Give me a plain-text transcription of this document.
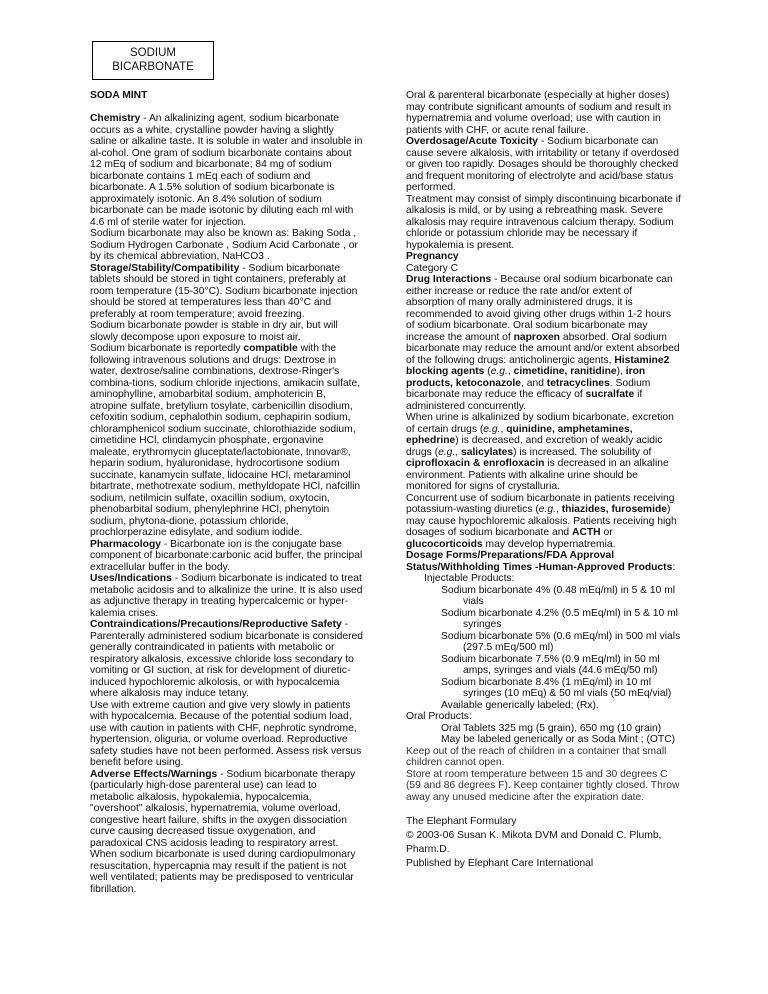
SODIUM
BICARBONATE

SODA MINT

Chemistry - An alkalinizing agent, sodium bicarbonate occurs as a white, crystalline powder having a slightly saline or alkaline taste. It is soluble in water and insoluble in al-cohol. One gram of sodium bicarbonate contains about 12 mEq of sodium and bicarbonate; 84 mg of sodium bicarbonate contains 1 mEq each of sodium and bicarbonate. A 1.5% solution of sodium bicarbonate is approximately isotonic. An 8.4% solution of sodium bicarbonate can be made isotonic by diluting each ml with 4.6 ml of sterile water for injection.

Sodium bicarbonate may also be known as: Baking Soda , Sodium Hydrogen Carbonate , Sodium Acid Carbonate , or by its chemical abbreviation, NaHCO3 .

Storage/Stability/Compatibility - Sodium bicarbonate tablets should be stored in tight containers, preferably at room temperature (15-30°C). Sodium bicarbonate injection should be stored at temperatures less than 40°C and preferably at room temperature; avoid freezing.

Sodium bicarbonate powder is stable in dry air, but will slowly decompose upon exposure to moist air.

Sodium bicarbonate is reportedly compatible with the following intravenous solutions and drugs: Dextrose in water, dextrose/saline combinations, dextrose-Ringer's combina-tions, sodium chloride injections, amikacin sulfate, aminophylline, amobarbital sodium, amphotericin B, atropine sulfate, bretylium tosylate, carbenicillin disodium, cefoxitin sodium, cephalothin sodium, cephapirin sodium, chloramphenicol sodium succinate, chlorothiazide sodium, cimetidine HCl, clindamycin phosphate, ergonavine maleate, erythromycin gluceptate/lactobionate, Innovar®, heparin sodium, hyaluronidase, hydrocortisone sodium succinate, kanamycin sulfate, lidocaine HCl, metaraminol bitartrate, methotrexate sodium, methyldopate HCl, nafcillin sodium, netilmicin sulfate, oxacillin sodium, oxytocin, phenobarbital sodium, phenylephrine HCl, phenytoin sodium, phytona-dione, potassium chloride, prochlorperazine edisylate, and sodium iodide.

Pharmacology - Bicarbonate ion is the conjugate base component of bicarbonate:carbonic acid buffer, the principal extracellular buffer in the body.

Uses/Indications - Sodium bicarbonate is indicated to treat metabolic acidosis and to alkalinize the urine. It is also used as adjunctive therapy in treating hypercalcemic or hyper-kalemia crises.

Contraindications/Precautions/Reproductive Safety - Parenterally administered sodium bicarbonate is considered generally contraindicated in patients with metabolic or respiratory alkalosis, excessive chloride loss secondary to vomiting or GI suction, at risk for development of diuretic-induced hypochloremic alkolosis, or with hypocalcemia where alkalosis may induce tetany.

Use with extreme caution and give very slowly in patients with hypocalcemia. Because of the potential sodium load, use with caution in patients with CHF, nephrotic syndrome, hypertension, oliguria, or volume overload. Reproductive safety studies have not been performed. Assess risk versus benefit before using.

Adverse Effects/Warnings - Sodium bicarbonate therapy (particularly high-dose parenteral use) can lead to metabolic alkalosis, hypokalemia, hypocalcemia, "overshoot" alkalosis, hypernatremia, volume overload, congestive heart failure, shifts in the oxygen dissociation curve causing decreased tissue oxygenation, and paradoxical CNS acidosis leading to respiratory arrest.

When sodium bicarbonate is used during cardiopulmonary resuscitation, hypercapnia may result if the patient is not well ventilated; patients may be predisposed to ventricular fibrillation.

Oral & parenteral bicarbonate (especially at higher doses) may contribute significant amounts of sodium and result in hypernatremia and volume overload; use with caution in patients with CHF, or acute renal failure.

Overdosage/Acute Toxicity - Sodium bicarbonate can cause severe alkalosis, with irritability or tetany if overdosed or given too rapidly. Dosages should be thoroughly checked and frequent monitoring of electrolyte and acid/base status performed.

Treatment may consist of simply discontinuing bicarbonate if alkalosis is mild, or by using a rebreathing mask. Severe alkalosis may require intravenous calcium therapy. Sodium chloride or potassium chloride may be necessary if hypokalemia is present.

Pregnancy

Category C

Drug Interactions - Because oral sodium bicarbonate can either increase or reduce the rate and/or extent of absorption of many orally administered drugs, it is recommended to avoid giving other drugs within 1-2 hours of sodium bicarbonate. Oral sodium bicarbonate may increase the amount of naproxen absorbed. Oral sodium bicarbonate may reduce the amount and/or extent absorbed of the following drugs: anticholinergic agents, Histamine2 blocking agents (e.g., cimetidine, ranitidine), iron products, ketoconazole, and tetracyclines. Sodium bicarbonate may reduce the efficacy of sucralfate if administered concurrently.

When urine is alkalinized by sodium bicarbonate, excretion of certain drugs (e.g., quinidine, amphetamines, ephedrine) is decreased, and excretion of weakly acidic drugs (e.g., salicylates) is increased. The solubility of ciprofloxacin & enrofloxacin is decreased in an alkaline environment. Patients with alkaline urine should be monitored for signs of crystalluria.

Concurrent use of sodium bicarbonate in patients receiving potassium-wasting diuretics (e.g., thiazides, furosemide) may cause hypochloremic alkalosis. Patients receiving high dosages of sodium bicarbonate and ACTH or glucocorticoids may develop hypernatremia.

Dosage Forms/Preparations/FDA Approval Status/Withholding Times -Human-Approved Products:

Injectable Products:

Sodium bicarbonate 4% (0.48 mEq/ml) in 5 & 10 ml

vials

Sodium bicarbonate 4.2% (0.5 mEq/ml) in 5 & 10 ml

syringes

Sodium bicarbonate 5% (0.6 mEq/ml) in 500 ml vials

(297.5 mEq/500 ml)

Sodium bicarbonate 7.5% (0.9 mEq/ml) in 50 ml

amps, syringes and vials (44.6 mEq/50 ml)

Sodium bicarbonate 8.4% (1 mEq/ml) in 10 ml

syringes (10 mEq) & 50 ml vials (50 mEq/vial)

Available generically labeled; (Rx).

Oral Products:

Oral Tablets 325 mg (5 grain), 650 mg (10 grain)

May be labeled generically or as Soda Mint ; (OTC)

Keep out of the reach of children in a container that small children cannot open.

Store at room temperature between 15 and 30 degrees C (59 and 86 degrees F). Keep container tightly closed. Throw away any unused medicine after the expiration date.

The Elephant Formulary

© 2003-06 Susan K. Mikota DVM and Donald C. Plumb, Pharm.D.

Published by Elephant Care International
